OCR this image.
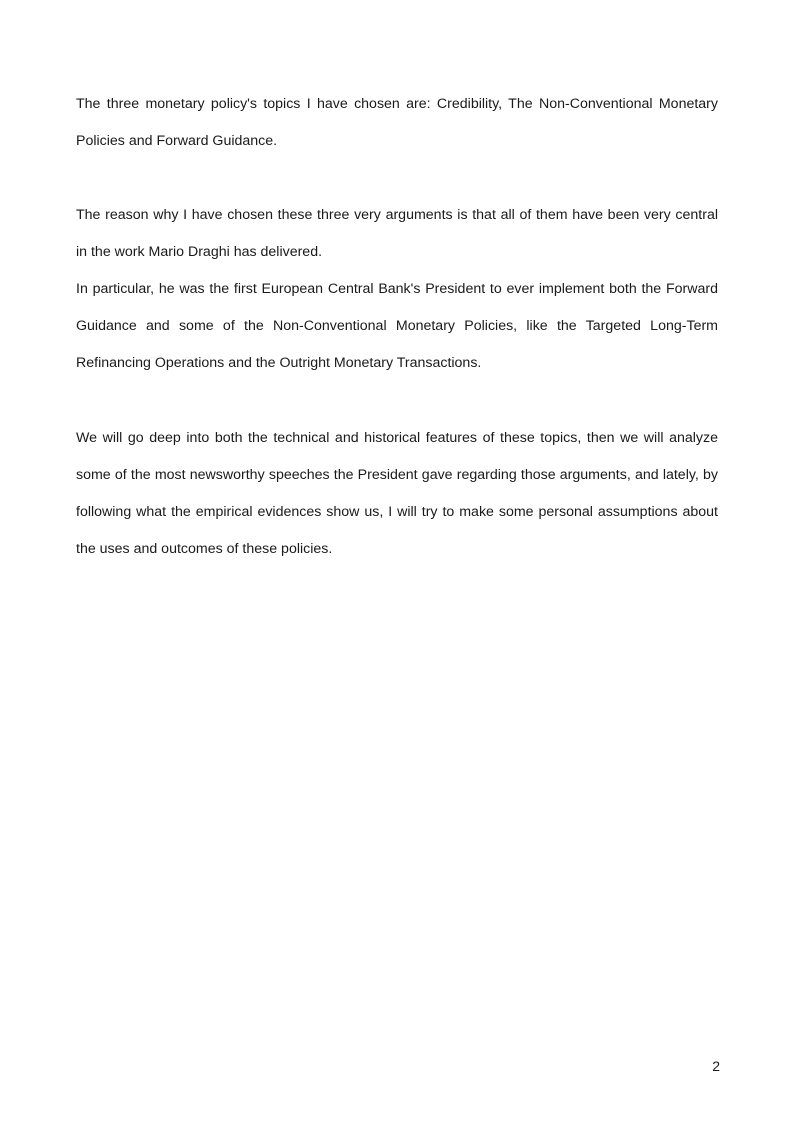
The three monetary policy's topics I have chosen are: Credibility, The Non-Conventional Monetary Policies and Forward Guidance.

The reason why I have chosen these three very arguments is that all of them have been very central in the work Mario Draghi has delivered.

In particular, he was the first European Central Bank's President to ever implement both the Forward Guidance and some of the Non-Conventional Monetary Policies, like the Targeted Long-Term Refinancing Operations and the Outright Monetary Transactions.

We will go deep into both the technical and historical features of these topics, then we will analyze some of the most newsworthy speeches the President gave regarding those arguments, and lately, by following what the empirical evidences show us, I will try to make some personal assumptions about the uses and outcomes of these policies.

2
